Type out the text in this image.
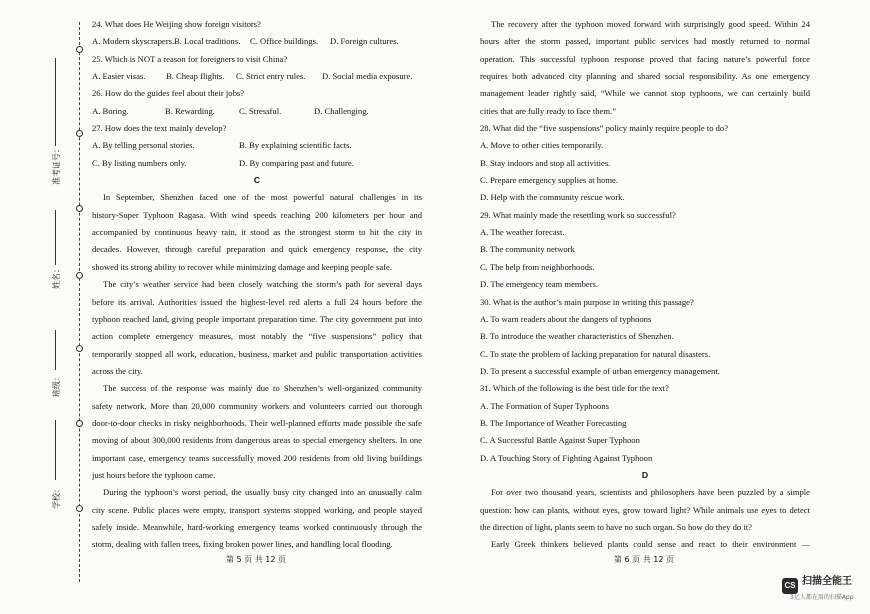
准考证号：
姓名：
班级：
学校：
24. What does He Weijing show foreign visitors?
A. Modern skyscrapers.B. Local traditions. C. Office buildings. D. Foreign cultures.
25. Which is NOT a reason for foreigners to visit China?
A. Easier visas. B. Cheap flights. C. Strict entry rules. D. Social media exposure.
26. How do the guides feel about their jobs?
A. Boring.	B. Rewarding.	C. Stressful.	D. Challenging.
27. How does the text mainly develop?
A. By telling personal stories.	B. By explaining scientific facts.
C. By listing numbers only.	D. By comparing past and future.
C
In September, Shenzhen faced one of the most powerful natural challenges in its
history-Super Typhoon Ragasa. With wind speeds reaching 200 kilometers per hour and
accompanied by continuous heavy rain, it stood as the strongest storm to hit the city in
decades. However, through careful preparation and quick emergency response, the city
showed its strong ability to recover while minimizing damage and keeping people safe.
The city’s weather service had been closely watching the storm’s path for several days
before its arrival. Authorities issued the highest-level red alerts a full 24 hours before the
typhoon reached land, giving people important preparation time. The city government put into
action complete emergency measures, most notably the “five suspensions” policy that
temporarily stopped all work, education, business, market and public transportation activities
across the city.
The success of the response was mainly due to Shenzhen’s well-organized community
safety network. More than 20,000 community workers and volunteers carried out thorough
door-to-door checks in risky neighborhoods. Their well-planned efforts made possible the safe
moving of about 300,000 residents from dangerous areas to special emergency shelters. In one
important case, emergency teams successfully moved 200 residents from old living buildings
just hours before the typhoon came.
During the typhoon’s worst period, the usually busy city changed into an unusually calm
city scene. Public places were empty, transport systems stopped working, and people stayed
safely inside. Meanwhile, hard-working emergency teams worked continuously through the
storm, dealing with fallen trees, fixing broken power lines, and handling local flooding.
第 5 页 共 12 页
The recovery after the typhoon moved forward with surprisingly good speed. Within 24
hours after the storm passed, important public services had mostly returned to normal
operation. This successful typhoon response proved that facing nature’s powerful force
requires both advanced city planning and shared social responsibility. As one emergency
management leader rightly said, “While we cannot stop typhoons, we can certainly build
cities that are fully ready to face them.”
28. What did the “five suspensions” policy mainly require people to do?
A. Move to other cities temporarily.
B. Stay indoors and stop all activities.
C. Prepare emergency supplies at home.
D. Help with the community rescue work.
29. What mainly made the resettling work so successful?
A. The weather forecast.
B. The community network
C. The help from neighborhoods.
D. The emergency team members.
30. What is the author’s main purpose in writing this passage?
A. To warn readers about the dangers of typhoons
B. To introduce the weather characteristics of Shenzhen.
C. To state the problem of lacking preparation for natural disasters.
D. To present a successful example of urban emergency management.
31. Which of the following is the best title for the text?
A. The Formation of Super Typhoons
B. The Importance of Weather Forecasting
C. A Successful Battle Against Super Typhoon
D. A Touching Story of Fighting Against Typhoon
D
For over two thousand years, scientists and philosophers have been puzzled by a simple
question: how can plants, without eyes, grow toward light? While animals use eyes to detect
the direction of light, plants seem to have no such organ. So how do they do it?
Early Greek thinkers believed plants could sense and react to their environment —
第 6 页 共 12 页
CS 扫描全能王
3亿人都在用的扫描App
